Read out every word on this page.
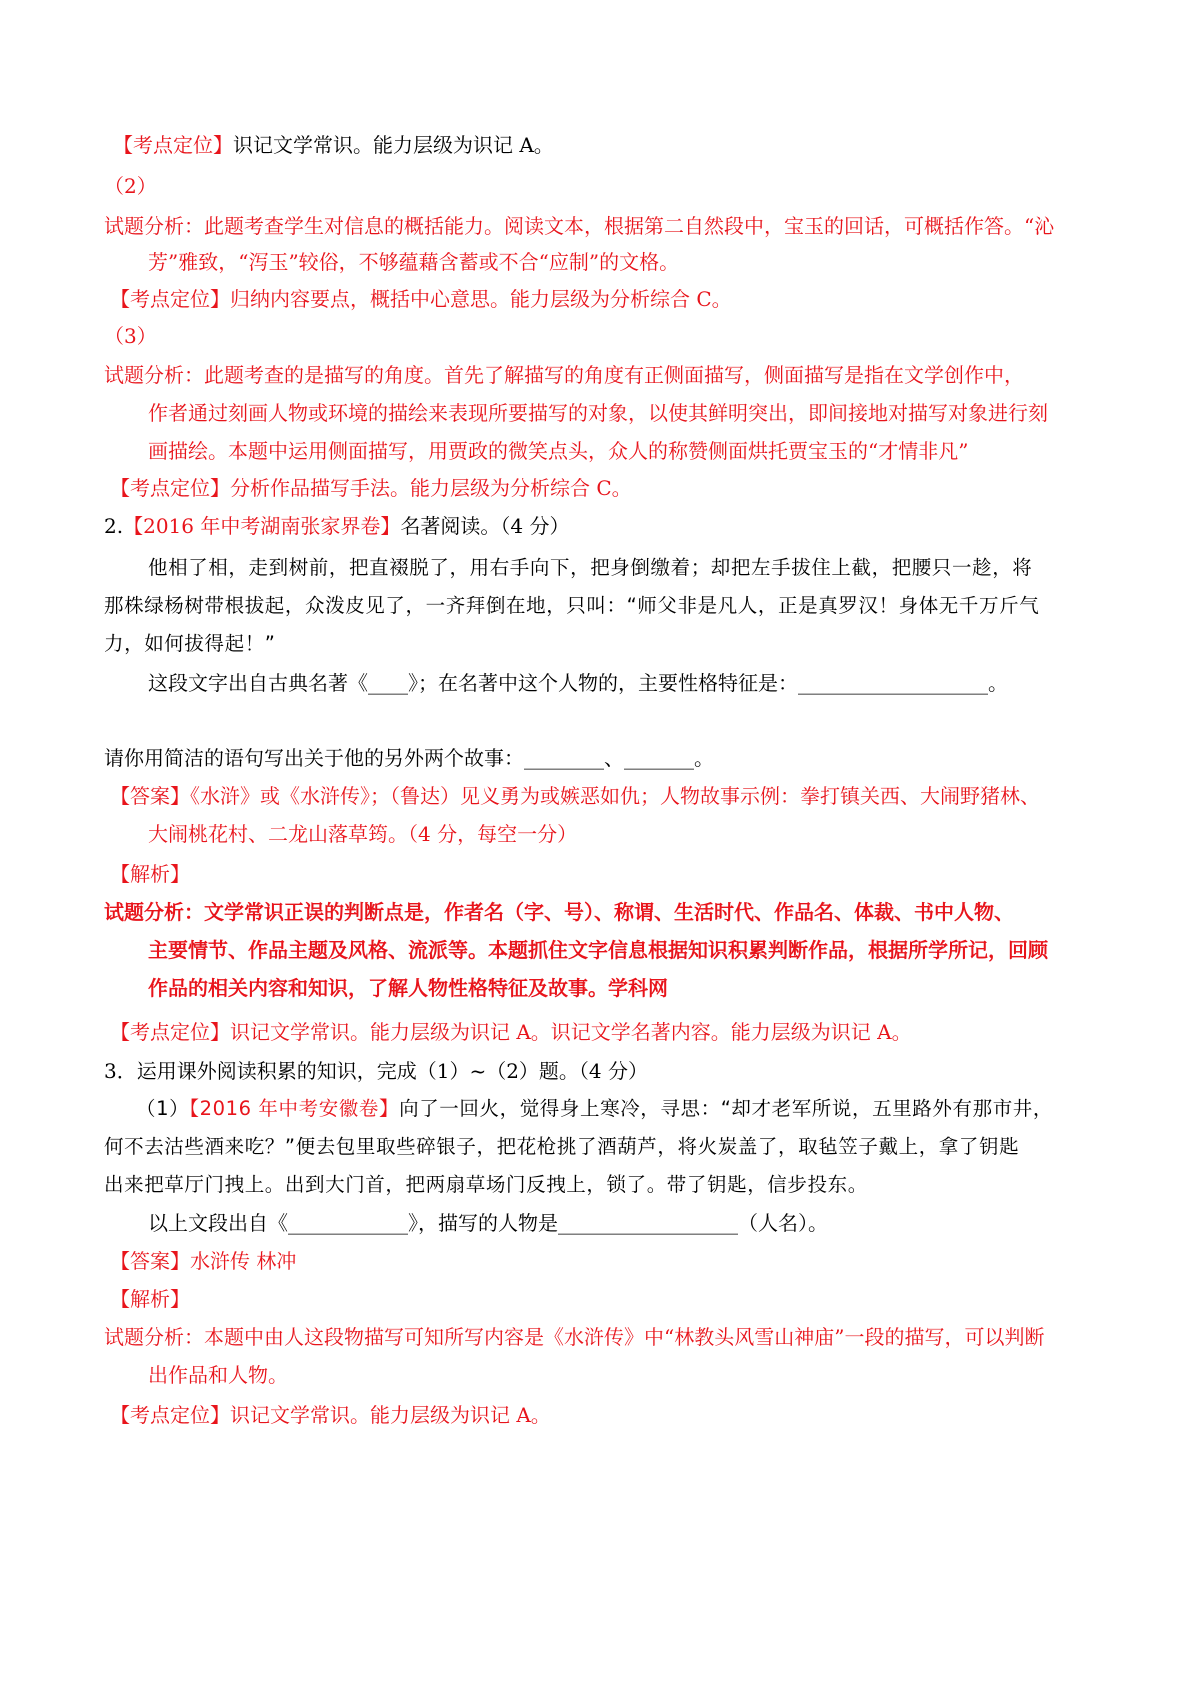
【考点定位】识记文学常识。能力层级为识记 A。
（2）
试题分析：此题考查学生对信息的概括能力。阅读文本，根据第二自然段中，宝玉的回话，可概括作答。“沁
芳”雅致，“泻玉”较俗，不够蕴藉含蓄或不合“应制”的文格。
【考点定位】归纳内容要点，概括中心意思。能力层级为分析综合 C。
（3）
试题分析：此题考查的是描写的角度。首先了解描写的角度有正侧面描写，侧面描写是指在文学创作中，
作者通过刻画人物或环境的描绘来表现所要描写的对象，以使其鲜明突出，即间接地对描写对象进行刻
画描绘。本题中运用侧面描写，用贾政的微笑点头，众人的称赞侧面烘托贾宝玉的“才情非凡”
【考点定位】分析作品描写手法。能力层级为分析综合 C。
2.【2016 年中考湖南张家界卷】名著阅读。（4 分）
他相了相，走到树前，把直裰脱了，用右手向下，把身倒缴着；却把左手拔住上截，把腰只一趁，将
那株绿杨树带根拔起，众泼皮见了，一齐拜倒在地，只叫：“师父非是凡人，正是真罗汉！身体无千万斤气
力，如何拔得起！”
这段文字出自古典名著《____》；在名著中这个人物的，主要性格特征是：___________________。
请你用简洁的语句写出关于他的另外两个故事：________、_______。
【答案】《水浒》或《水浒传》；（鲁达）见义勇为或嫉恶如仇；人物故事示例：拳打镇关西、大闹野猪林、
大闹桃花村、二龙山落草筠。（4 分，每空一分）
【解析】
试题分析：文学常识正误的判断点是，作者名（字、号）、称谓、生活时代、作品名、体裁、书中人物、
主要情节、作品主题及风格、流派等。本题抓住文字信息根据知识积累判断作品，根据所学所记，回顾
作品的相关内容和知识，了解人物性格特征及故事。学科网
【考点定位】识记文学常识。能力层级为识记 A。识记文学名著内容。能力层级为识记 A。
3．运用课外阅读积累的知识，完成（1）~（2）题。（4 分）
（1）【2016 年中考安徽卷】向了一回火，觉得身上寒冷，寻思：“却才老军所说，五里路外有那市井，
何不去沽些酒来吃？”便去包里取些碎银子，把花枪挑了酒葫芦，将火炭盖了，取毡笠子戴上，拿了钥匙
出来把草厅门拽上。出到大门首，把两扇草场门反拽上，锁了。带了钥匙，信步投东。
以上文段出自《____________》，描写的人物是__________________（人名）。
【答案】水浒传 林冲
【解析】
试题分析：本题中由人这段物描写可知所写内容是《水浒传》中“林教头风雪山神庙”一段的描写，可以判断
出作品和人物。
【考点定位】识记文学常识。能力层级为识记 A。
